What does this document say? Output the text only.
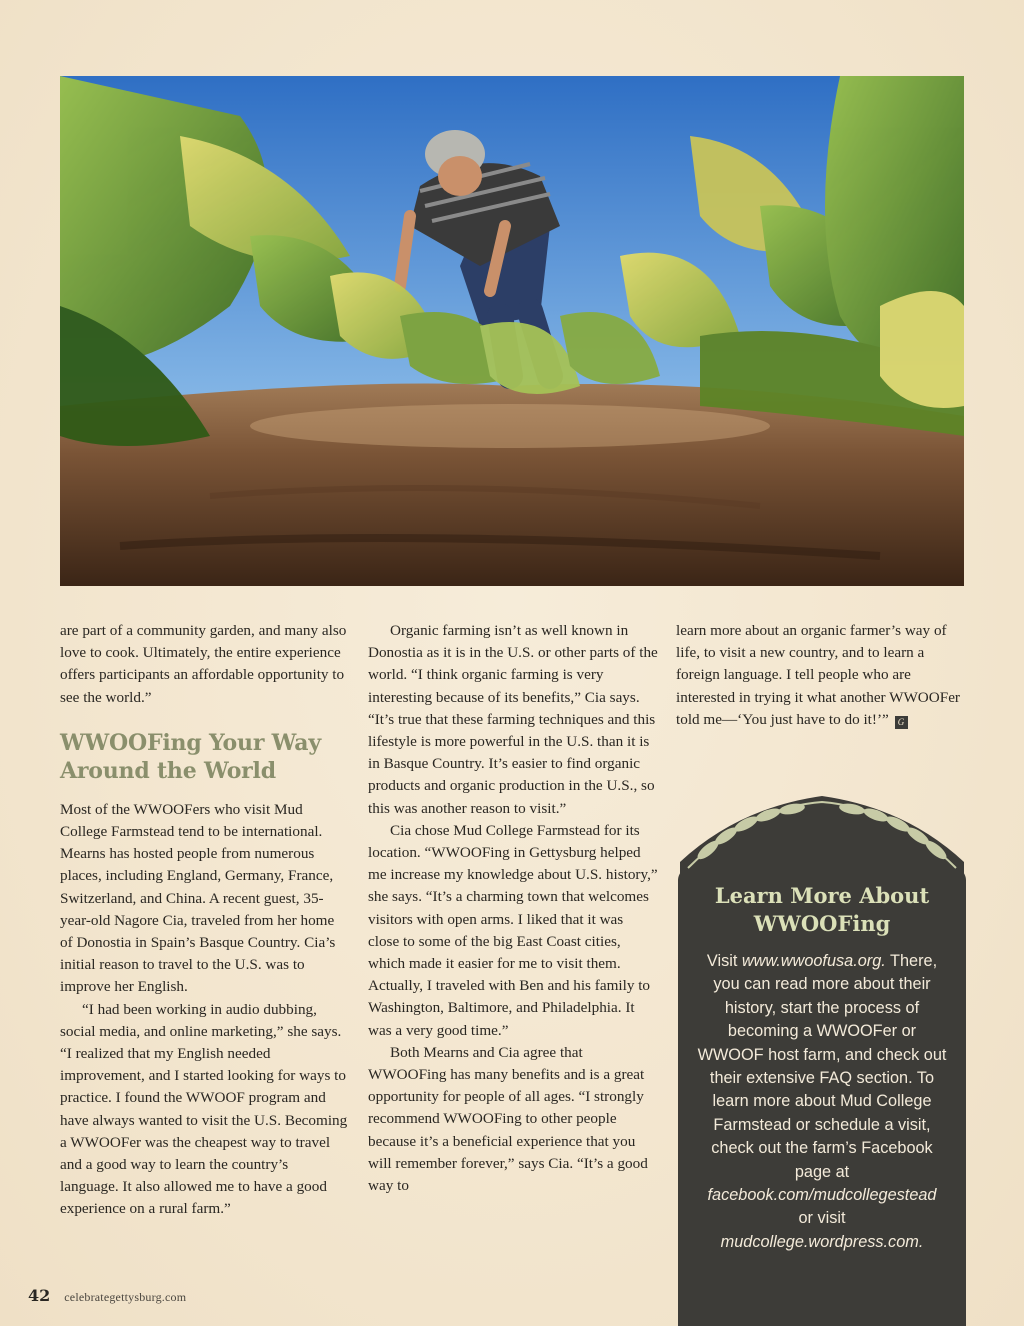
are part of a community garden, and many also love to cook. Ultimately, the entire experience offers participants an affordable opportunity to see the world.”

WWOOFing Your Way
Around the World

Most of the WWOOFers who visit Mud College Farmstead tend to be international. Mearns has hosted people from numerous places, including England, Germany, France, Switzerland, and China. A recent guest, 35-year-old Nagore Cia, traveled from her home of Donostia in Spain’s Basque Country. Cia’s initial reason to travel to the U.S. was to improve her English.

“I had been working in audio dubbing, social media, and online marketing,” she says. “I realized that my English needed improvement, and I started looking for ways to practice. I found the WWOOF program and have always wanted to visit the U.S. Becoming a WWOOFer was the cheapest way to travel and a good way to learn the country’s language. It also allowed me to have a good experience on a rural farm.”

Organic farming isn’t as well known in Donostia as it is in the U.S. or other parts of the world. “I think organic farming is very interesting because of its benefits,” Cia says. “It’s true that these farming techniques and this lifestyle is more powerful in the U.S. than it is in Basque Country. It’s easier to find organic products and organic production in the U.S., so this was another reason to visit.”

Cia chose Mud College Farmstead for its location. “WWOOFing in Gettysburg helped me increase my knowledge about U.S. history,” she says. “It’s a charming town that welcomes visitors with open arms. I liked that it was close to some of the big East Coast cities, which made it easier for me to visit them. Actually, I traveled with Ben and his family to Washington, Baltimore, and Philadelphia. It was a very good time.”

Both Mearns and Cia agree that WWOOFing has many benefits and is a great opportunity for people of all ages. “I strongly recommend WWOOFing to other people because it’s a beneficial experience that you will remember forever,” says Cia. “It’s a good way to

learn more about an organic farmer’s way of life, to visit a new country, and to learn a foreign language. I tell people who are interested in trying it what another WWOOFer told me—‘You just have to do it!’” G

Learn More About
WWOOFing
Visit www.wwoofusa.org. There, you can read more about their history, start the process of becoming a WWOOFer or WWOOF host farm, and check out their extensive FAQ section. To learn more about Mud College Farmstead or schedule a visit, check out the farm’s Facebook page at facebook.com/mudcollegestead
or visit mudcollege.wordpress.com.
42 celebrategettysburg.com
